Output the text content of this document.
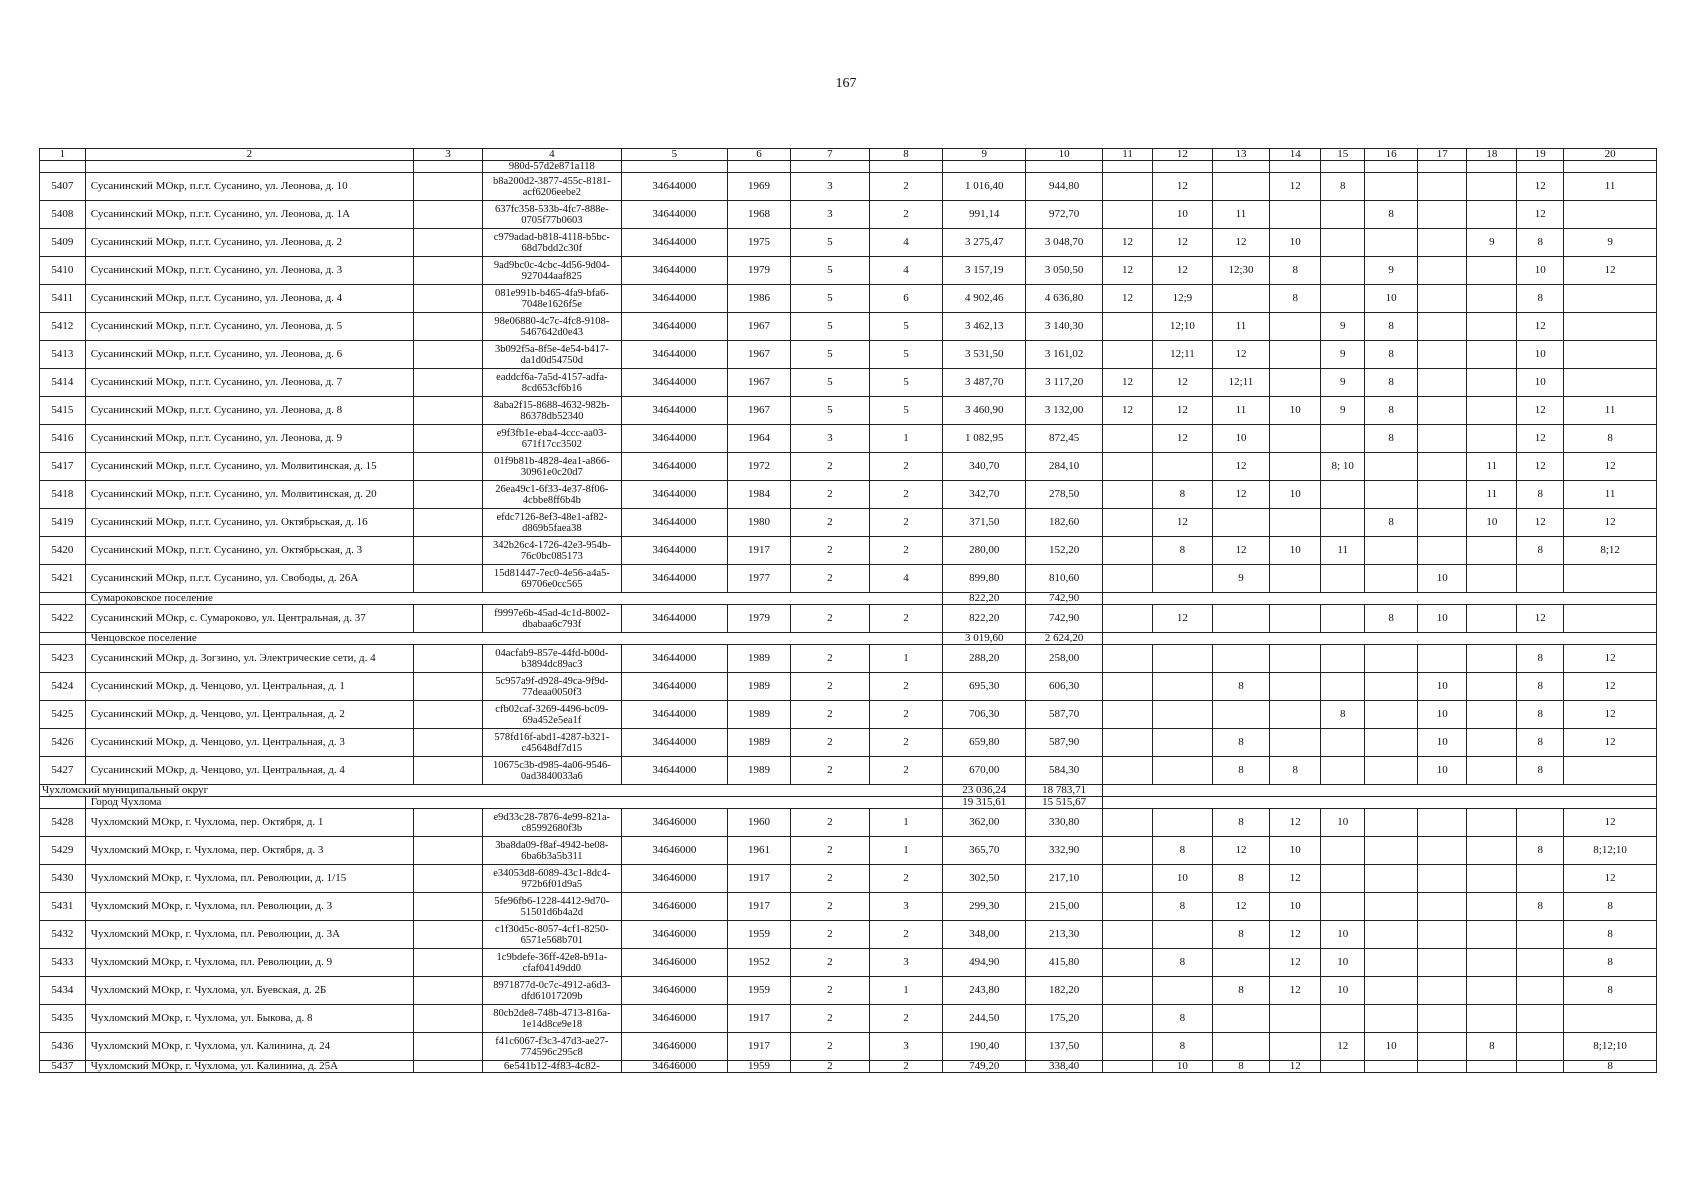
167
1	2	3	4	5	6	7	8	9	10	11	12	13	14	15	16	17	18	19	20
			980d-57d2e871a118																
5407	Сусанинский МОкр, п.г.т. Сусанино, ул. Леонова, д. 10		b8a200d2-3877-455c-8181-acf6206eebe2	34644000	1969	3	2	1 016,40	944,80		12		12	8				12	11
5408	Сусанинский МОкр, п.г.т. Сусанино, ул. Леонова, д. 1А		637fc358-533b-4fc7-888e-0705f77b0603	34644000	1968	3	2	991,14	972,70		10	11			8			12	
5409	Сусанинский МОкр, п.г.т. Сусанино, ул. Леонова, д. 2		c979adad-b818-4118-b5bc-68d7bdd2c30f	34644000	1975	5	4	3 275,47	3 048,70	12	12	12	10				9	8	9
5410	Сусанинский МОкр, п.г.т. Сусанино, ул. Леонова, д. 3		9ad9bc0c-4cbc-4d56-9d04-927044aaf825	34644000	1979	5	4	3 157,19	3 050,50	12	12	12;30	8		9			10	12
5411	Сусанинский МОкр, п.г.т. Сусанино, ул. Леонова, д. 4		081e991b-b465-4fa9-bfa6-7048e1626f5e	34644000	1986	5	6	4 902,46	4 636,80	12	12;9		8		10			8	
5412	Сусанинский МОкр, п.г.т. Сусанино, ул. Леонова, д. 5		98e06880-4c7c-4fc8-9108-5467642d0e43	34644000	1967	5	5	3 462,13	3 140,30		12;10	11		9	8			12	
5413	Сусанинский МОкр, п.г.т. Сусанино, ул. Леонова, д. 6		3b092f5a-8f5e-4e54-b417-da1d0d54750d	34644000	1967	5	5	3 531,50	3 161,02		12;11	12		9	8			10	
5414	Сусанинский МОкр, п.г.т. Сусанино, ул. Леонова, д. 7		eaddcf6a-7a5d-4157-adfa-8cd653cf6b16	34644000	1967	5	5	3 487,70	3 117,20	12	12	12;11		9	8			10	
5415	Сусанинский МОкр, п.г.т. Сусанино, ул. Леонова, д. 8		8aba2f15-8688-4632-982b-86378db52340	34644000	1967	5	5	3 460,90	3 132,00	12	12	11	10	9	8			12	11
5416	Сусанинский МОкр, п.г.т. Сусанино, ул. Леонова, д. 9		e9f3fb1e-eba4-4ccc-aa03-671f17cc3502	34644000	1964	3	1	1 082,95	872,45		12	10			8			12	8
5417	Сусанинский МОкр, п.г.т. Сусанино, ул. Молвитинская, д. 15		01f9b81b-4828-4ea1-a866-30961e0c20d7	34644000	1972	2	2	340,70	284,10			12		8; 10			11	12	12
5418	Сусанинский МОкр, п.г.т. Сусанино, ул. Молвитинская, д. 20		26ea49c1-6f33-4e37-8f06-4cbbe8ff6b4b	34644000	1984	2	2	342,70	278,50		8	12	10				11	8	11
5419	Сусанинский МОкр, п.г.т. Сусанино, ул. Октябрьская, д. 16		efdc7126-8ef3-48e1-af82-d869b5faea38	34644000	1980	2	2	371,50	182,60		12				8		10	12	12
5420	Сусанинский МОкр, п.г.т. Сусанино, ул. Октябрьская, д. 3		342b26c4-1726-42e3-954b-76c0bc085173	34644000	1917	2	2	280,00	152,20		8	12	10	11				8	8;12
5421	Сусанинский МОкр, п.г.т. Сусанино, ул. Свободы, д. 26А		15d81447-7ec0-4e56-a4a5-69706e0cc565	34644000	1977	2	4	899,80	810,60			9				10			
	Сумароковское поселение							822,20	742,90										
5422	Сусанинский МОкр, с. Сумароково, ул. Центральная, д. 37		f9997e6b-45ad-4c1d-8002-dbabaa6c793f	34644000	1979	2	2	822,20	742,90		12				8	10		12	
	Ченцовское поселение							3 019,60	2 624,20										
5423	Сусанинский МОкр, д. Зогзино, ул. Электрические сети, д. 4		04acfab9-857e-44fd-b00d-b3894dc89ac3	34644000	1989	2	1	288,20	258,00									8	12
5424	Сусанинский МОкр, д. Ченцово, ул. Центральная, д. 1		5c957a9f-d928-49ca-9f9d-77deaa0050f3	34644000	1989	2	2	695,30	606,30			8				10		8	12
5425	Сусанинский МОкр, д. Ченцово, ул. Центральная, д. 2		cfb02caf-3269-4496-bc09-69a452e5ea1f	34644000	1989	2	2	706,30	587,70					8		10		8	12
5426	Сусанинский МОкр, д. Ченцово, ул. Центральная, д. 3		578fd16f-abd1-4287-b321-c45648df7d15	34644000	1989	2	2	659,80	587,90			8				10		8	12
5427	Сусанинский МОкр, д. Ченцово, ул. Центральная, д. 4		10675c3b-d985-4a06-9546-0ad3840033a6	34644000	1989	2	2	670,00	584,30			8	8			10		8	
Чухломский муниципальный округ								23 036,24	18 783,71										
	Город Чухлома							19 315,61	15 515,67										
5428	Чухломский МОкр, г. Чухлома, пер. Октября, д. 1		e9d33c28-7876-4e99-821a-c85992680f3b	34646000	1960	2	1	362,00	330,80			8	12	10					12
5429	Чухломский МОкр, г. Чухлома, пер. Октября, д. 3		3ba8da09-f8af-4942-be08-6ba6b3a5b311	34646000	1961	2	1	365,70	332,90		8	12	10					8	8;12;10
5430	Чухломский МОкр, г. Чухлома, пл. Революции, д. 1/15		e34053d8-6089-43c1-8dc4-972b6f01d9a5	34646000	1917	2	2	302,50	217,10		10	8	12						12
5431	Чухломский МОкр, г. Чухлома, пл. Революции, д. 3		5fe96fb6-1228-4412-9d70-51501d6b4a2d	34646000	1917	2	3	299,30	215,00		8	12	10					8	8
5432	Чухломский МОкр, г. Чухлома, пл. Революции, д. 3А		c1f30d5c-8057-4cf1-8250-6571e568b701	34646000	1959	2	2	348,00	213,30			8	12	10					8
5433	Чухломский МОкр, г. Чухлома, пл. Революции, д. 9		1c9bdefe-36ff-42e8-b91a-cfaf04149dd0	34646000	1952	2	3	494,90	415,80		8		12	10					8
5434	Чухломский МОкр, г. Чухлома, ул. Буевская, д. 2Б		8971877d-0c7c-4912-a6d3-dfd61017209b	34646000	1959	2	1	243,80	182,20			8	12	10					8
5435	Чухломский МОкр, г. Чухлома, ул. Быкова, д. 8		80cb2de8-748b-4713-816a-1e14d8ce9e18	34646000	1917	2	2	244,50	175,20		8								
5436	Чухломский МОкр, г. Чухлома, ул. Калинина, д. 24		f41c6067-f3c3-47d3-ae27-774596c295c8	34646000	1917	2	3	190,40	137,50		8			12	10		8		8;12;10
5437	Чухломский МОкр, г. Чухлома, ул. Калинина, д. 25А		6e541b12-4f83-4c82-	34646000	1959	2	2	749,20	338,40		10	8	12						8
